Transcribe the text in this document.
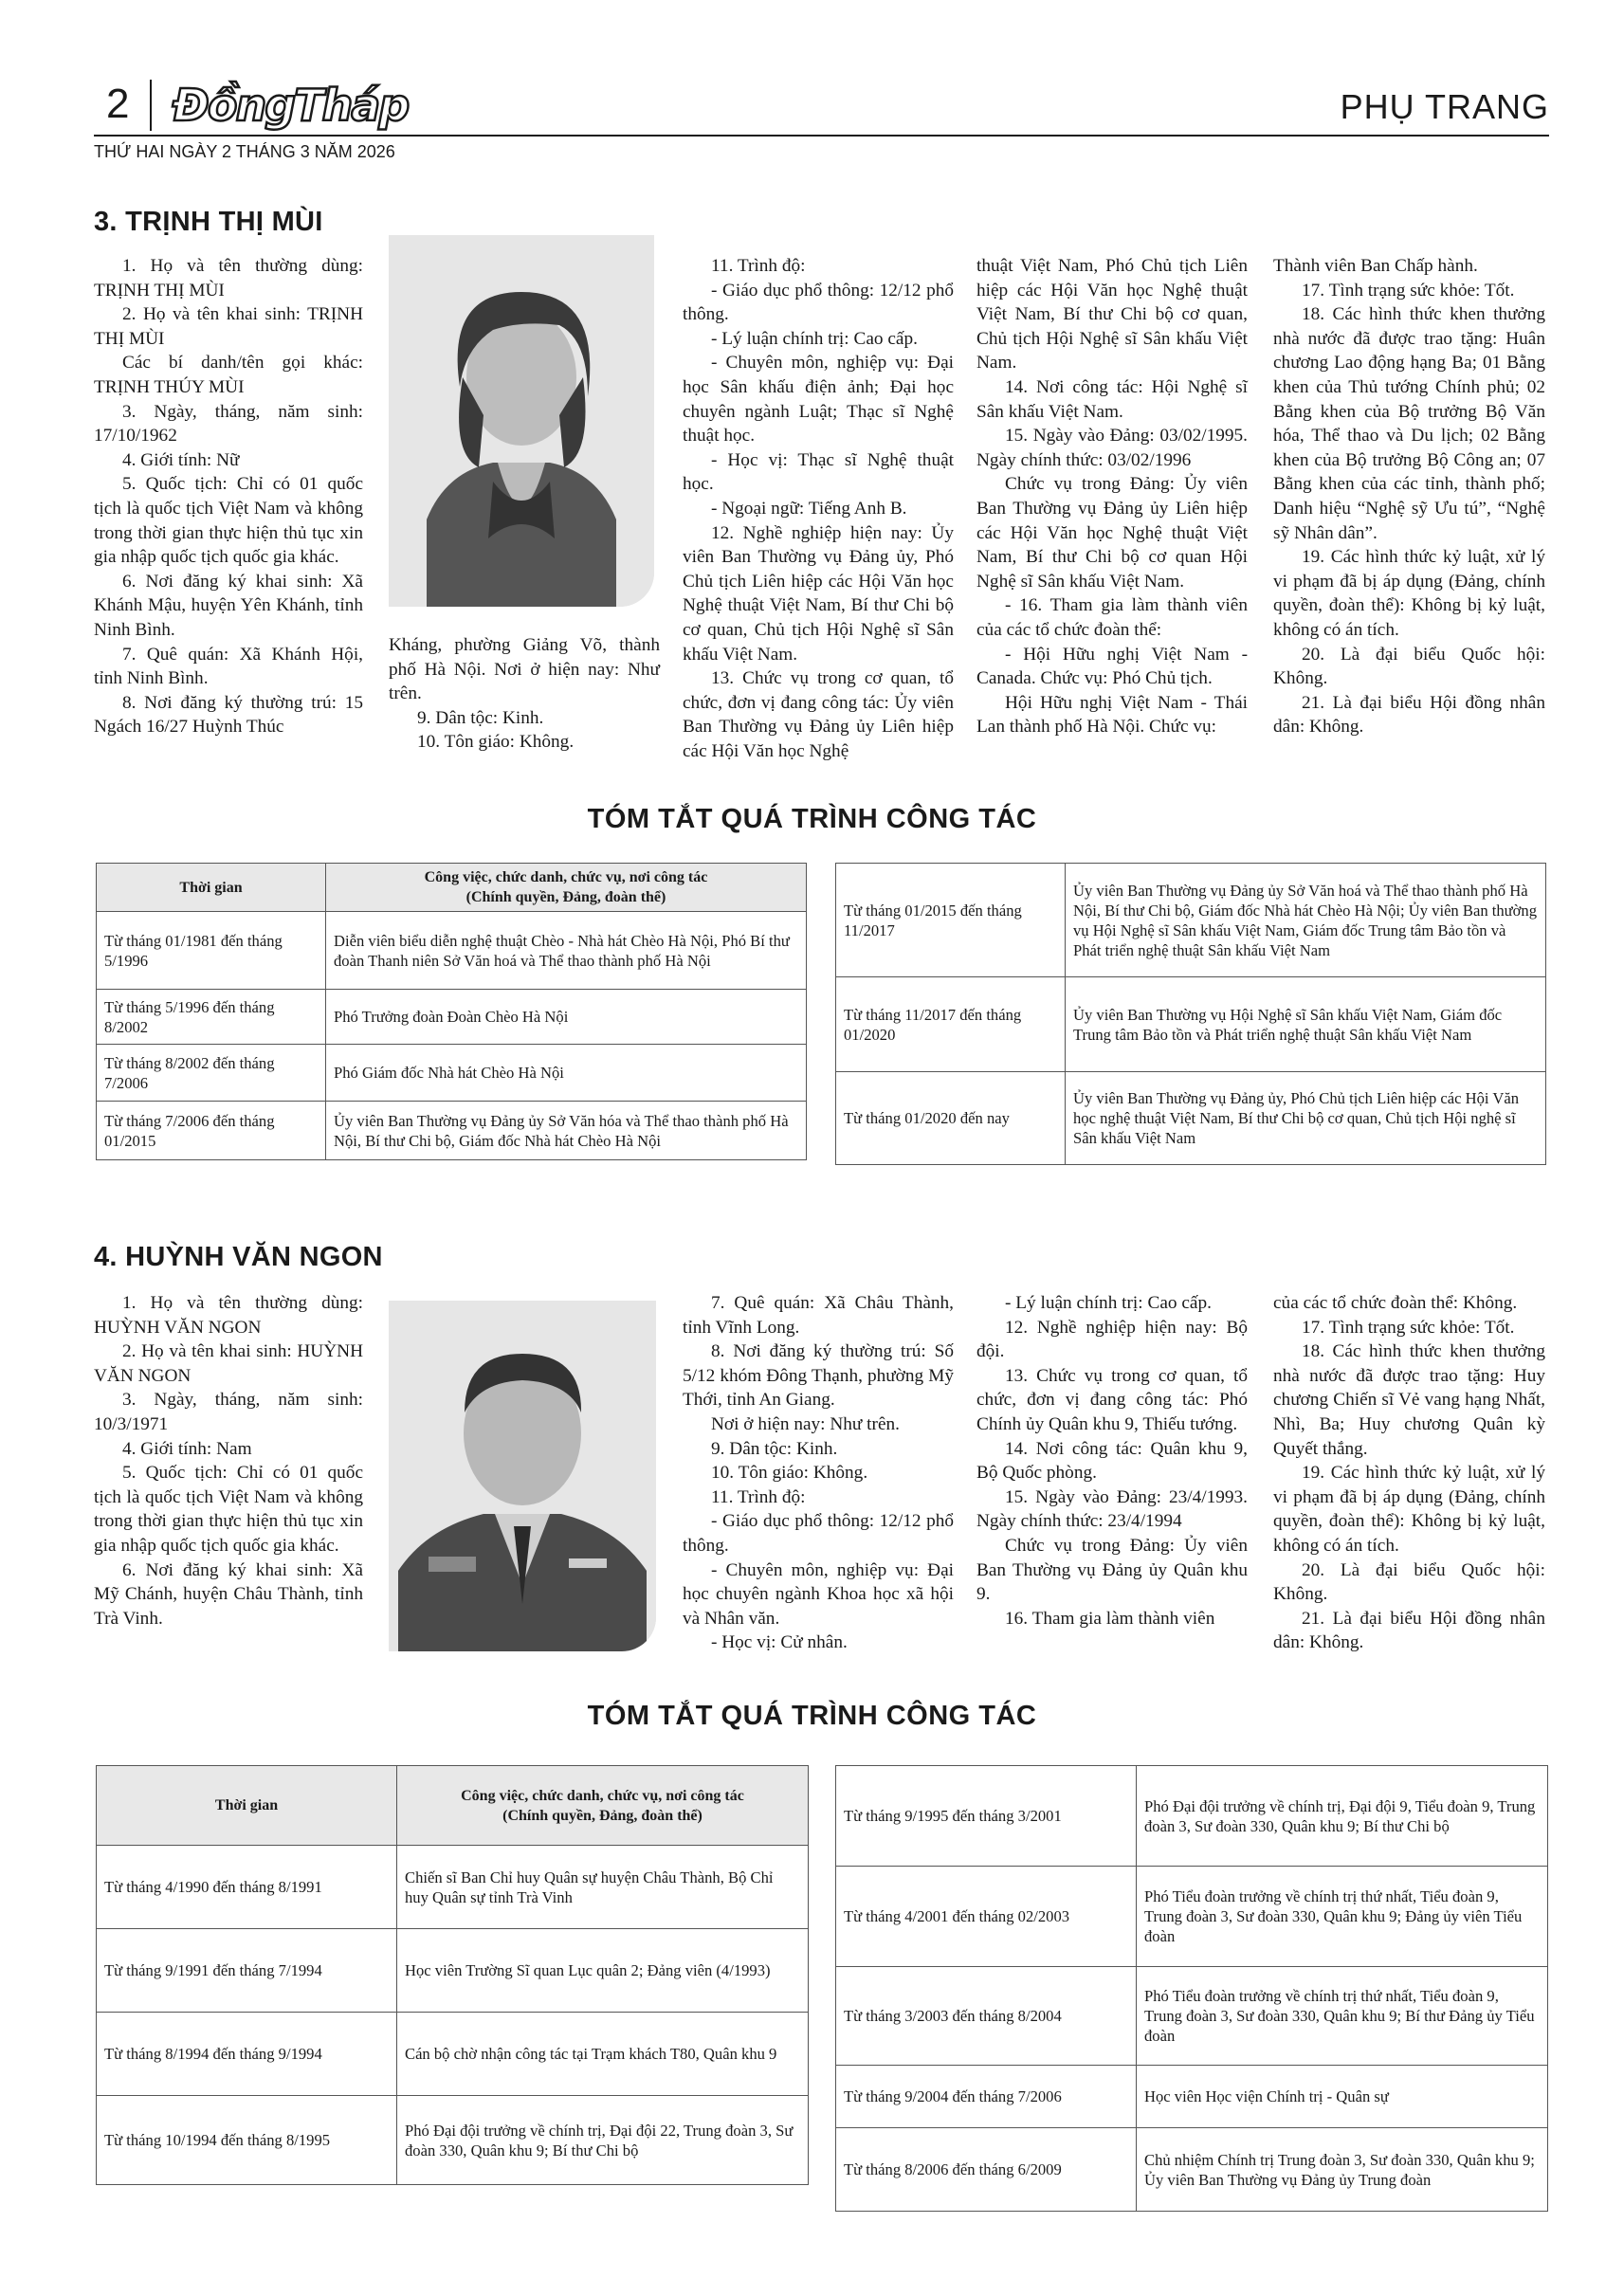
2 ĐồngTháp	PHỤ TRANG
THỨ HAI NGÀY 2 THÁNG 3 NĂM 2026
3. TRỊNH THỊ MÙI

1. Họ và tên thường dùng: TRỊNH THỊ MÙI

2. Họ và tên khai sinh: TRỊNH THỊ MÙI

Các bí danh/tên gọi khác: TRỊNH THÚY MÙI

3. Ngày, tháng, năm sinh: 17/10/1962

4. Giới tính: Nữ

5. Quốc tịch: Chỉ có 01 quốc tịch là quốc tịch Việt Nam và không trong thời gian thực hiện thủ tục xin gia nhập quốc tịch quốc gia khác.

6. Nơi đăng ký khai sinh: Xã Khánh Mậu, huyện Yên Khánh, tỉnh Ninh Bình.

7. Quê quán: Xã Khánh Hội, tỉnh Ninh Bình.

8. Nơi đăng ký thường trú: 15 Ngách 16/27 Huỳnh Thúc

Kháng, phường Giảng Võ, thành phố Hà Nội. Nơi ở hiện nay: Như trên.

9. Dân tộc: Kinh.

10. Tôn giáo: Không.

11. Trình độ:

- Giáo dục phổ thông: 12/12 phổ thông.

- Lý luận chính trị: Cao cấp.

- Chuyên môn, nghiệp vụ: Đại học Sân khấu điện ảnh; Đại học chuyên ngành Luật; Thạc sĩ Nghệ thuật học.

- Học vị: Thạc sĩ Nghệ thuật học.

- Ngoại ngữ: Tiếng Anh B.

12. Nghề nghiệp hiện nay: Ủy viên Ban Thường vụ Đảng ủy, Phó Chủ tịch Liên hiệp các Hội Văn học Nghệ thuật Việt Nam, Bí thư Chi bộ cơ quan, Chủ tịch Hội Nghệ sĩ Sân khấu Việt Nam.

13. Chức vụ trong cơ quan, tổ chức, đơn vị đang công tác: Ủy viên Ban Thường vụ Đảng ủy Liên hiệp các Hội Văn học Nghệ

thuật Việt Nam, Phó Chủ tịch Liên hiệp các Hội Văn học Nghệ thuật Việt Nam, Bí thư Chi bộ cơ quan, Chủ tịch Hội Nghệ sĩ Sân khấu Việt Nam.

14. Nơi công tác: Hội Nghệ sĩ Sân khấu Việt Nam.

15. Ngày vào Đảng: 03/02/1995. Ngày chính thức: 03/02/1996

Chức vụ trong Đảng: Ủy viên Ban Thường vụ Đảng ủy Liên hiệp các Hội Văn học Nghệ thuật Việt Nam, Bí thư Chi bộ cơ quan Hội Nghệ sĩ Sân khấu Việt Nam.

- 16. Tham gia làm thành viên của các tổ chức đoàn thể:

- Hội Hữu nghị Việt Nam - Canada. Chức vụ: Phó Chủ tịch.

Hội Hữu nghị Việt Nam - Thái Lan thành phố Hà Nội. Chức vụ:

Thành viên Ban Chấp hành.

17. Tình trạng sức khỏe: Tốt.

18. Các hình thức khen thưởng nhà nước đã được trao tặng: Huân chương Lao động hạng Ba; 01 Bằng khen của Thủ tướng Chính phủ; 02 Bằng khen của Bộ trưởng Bộ Văn hóa, Thể thao và Du lịch; 02 Bằng khen của Bộ trưởng Bộ Công an; 07 Bằng khen của các tỉnh, thành phố; Danh hiệu “Nghệ sỹ Ưu tú”, “Nghệ sỹ Nhân dân”.

19. Các hình thức kỷ luật, xử lý vi phạm đã bị áp dụng (Đảng, chính quyền, đoàn thể): Không bị kỷ luật, không có án tích.

20. Là đại biểu Quốc hội: Không.

21. Là đại biểu Hội đồng nhân dân: Không.

TÓM TẮT QUÁ TRÌNH CÔNG TÁC
Thời gian	Công việc, chức danh, chức vụ, nơi công tác
(Chính quyền, Đảng, đoàn thể)
Từ tháng 01/1981 đến tháng 5/1996	Diễn viên biểu diễn nghệ thuật Chèo - Nhà hát Chèo Hà Nội, Phó Bí thư đoàn Thanh niên Sở Văn hoá và Thể thao thành phố Hà Nội
Từ tháng 5/1996 đến tháng 8/2002	Phó Trưởng đoàn Đoàn Chèo Hà Nội
Từ tháng 8/2002 đến tháng 7/2006	Phó Giám đốc Nhà hát Chèo Hà Nội
Từ tháng 7/2006 đến tháng 01/2015	Ủy viên Ban Thường vụ Đảng ủy Sở Văn hóa và Thể thao thành phố Hà Nội, Bí thư Chi bộ, Giám đốc Nhà hát Chèo Hà Nội
Từ tháng 01/2015 đến tháng 11/2017	Ủy viên Ban Thường vụ Đảng ủy Sở Văn hoá và Thể thao thành phố Hà Nội, Bí thư Chi bộ, Giám đốc Nhà hát Chèo Hà Nội; Ủy viên Ban thường vụ Hội Nghệ sĩ Sân khấu Việt Nam, Giám đốc Trung tâm Bảo tồn và Phát triển nghệ thuật Sân khấu Việt Nam
Từ tháng 11/2017 đến tháng 01/2020	Ủy viên Ban Thường vụ Hội Nghệ sĩ Sân khấu Việt Nam, Giám đốc Trung tâm Bảo tồn và Phát triển nghệ thuật Sân khấu Việt Nam
Từ tháng 01/2020 đến nay	Ủy viên Ban Thường vụ Đảng ủy, Phó Chủ tịch Liên hiệp các Hội Văn học nghệ thuật Việt Nam, Bí thư Chi bộ cơ quan, Chủ tịch Hội nghệ sĩ Sân khấu Việt Nam
4. HUỲNH VĂN NGON

1. Họ và tên thường dùng: HUỲNH VĂN NGON

2. Họ và tên khai sinh: HUỲNH VĂN NGON

3. Ngày, tháng, năm sinh: 10/3/1971

4. Giới tính: Nam

5. Quốc tịch: Chỉ có 01 quốc tịch là quốc tịch Việt Nam và không trong thời gian thực hiện thủ tục xin gia nhập quốc tịch quốc gia khác.

6. Nơi đăng ký khai sinh: Xã Mỹ Chánh, huyện Châu Thành, tỉnh Trà Vinh.

7. Quê quán: Xã Châu Thành, tỉnh Vĩnh Long.

8. Nơi đăng ký thường trú: Số 5/12 khóm Đông Thạnh, phường Mỹ Thới, tỉnh An Giang.

Nơi ở hiện nay: Như trên.

9. Dân tộc: Kinh.

10. Tôn giáo: Không.

11. Trình độ:

- Giáo dục phổ thông: 12/12 phổ thông.

- Chuyên môn, nghiệp vụ: Đại học chuyên ngành Khoa học xã hội và Nhân văn.

- Học vị: Cử nhân.

- Lý luận chính trị: Cao cấp.

12. Nghề nghiệp hiện nay: Bộ đội.

13. Chức vụ trong cơ quan, tổ chức, đơn vị đang công tác: Phó Chính ủy Quân khu 9, Thiếu tướng.

14. Nơi công tác: Quân khu 9, Bộ Quốc phòng.

15. Ngày vào Đảng: 23/4/1993. Ngày chính thức: 23/4/1994

Chức vụ trong Đảng: Ủy viên Ban Thường vụ Đảng ủy Quân khu 9.

16. Tham gia làm thành viên

của các tổ chức đoàn thể: Không.

17. Tình trạng sức khỏe: Tốt.

18. Các hình thức khen thưởng nhà nước đã được trao tặng: Huy chương Chiến sĩ Vẻ vang hạng Nhất, Nhì, Ba; Huy chương Quân kỳ Quyết thắng.

19. Các hình thức kỷ luật, xử lý vi phạm đã bị áp dụng (Đảng, chính quyền, đoàn thể): Không bị kỷ luật, không có án tích.

20. Là đại biểu Quốc hội: Không.

21. Là đại biểu Hội đồng nhân dân: Không.

TÓM TẮT QUÁ TRÌNH CÔNG TÁC
Thời gian	Công việc, chức danh, chức vụ, nơi công tác
(Chính quyền, Đảng, đoàn thể)
Từ tháng 4/1990 đến tháng 8/1991	Chiến sĩ Ban Chỉ huy Quân sự huyện Châu Thành, Bộ Chỉ huy Quân sự tỉnh Trà Vinh
Từ tháng 9/1991 đến tháng 7/1994	Học viên Trường Sĩ quan Lục quân 2; Đảng viên (4/1993)
Từ tháng 8/1994 đến tháng 9/1994	Cán bộ chờ nhận công tác tại Trạm khách T80, Quân khu 9
Từ tháng 10/1994 đến tháng 8/1995	Phó Đại đội trưởng về chính trị, Đại đội 22, Trung đoàn 3, Sư đoàn 330, Quân khu 9; Bí thư Chi bộ
Từ tháng 9/1995 đến tháng 3/2001	Phó Đại đội trưởng về chính trị, Đại đội 9, Tiểu đoàn 9, Trung đoàn 3, Sư đoàn 330, Quân khu 9; Bí thư Chi bộ
Từ tháng 4/2001 đến tháng 02/2003	Phó Tiểu đoàn trưởng về chính trị thứ nhất, Tiểu đoàn 9, Trung đoàn 3, Sư đoàn 330, Quân khu 9; Đảng ủy viên Tiểu đoàn
Từ tháng 3/2003 đến tháng 8/2004	Phó Tiểu đoàn trưởng về chính trị thứ nhất, Tiểu đoàn 9, Trung đoàn 3, Sư đoàn 330, Quân khu 9; Bí thư Đảng ủy Tiểu đoàn
Từ tháng 9/2004 đến tháng 7/2006	Học viên Học viện Chính trị - Quân sự
Từ tháng 8/2006 đến tháng 6/2009	Chủ nhiệm Chính trị Trung đoàn 3, Sư đoàn 330, Quân khu 9; Ủy viên Ban Thường vụ Đảng ủy Trung đoàn
